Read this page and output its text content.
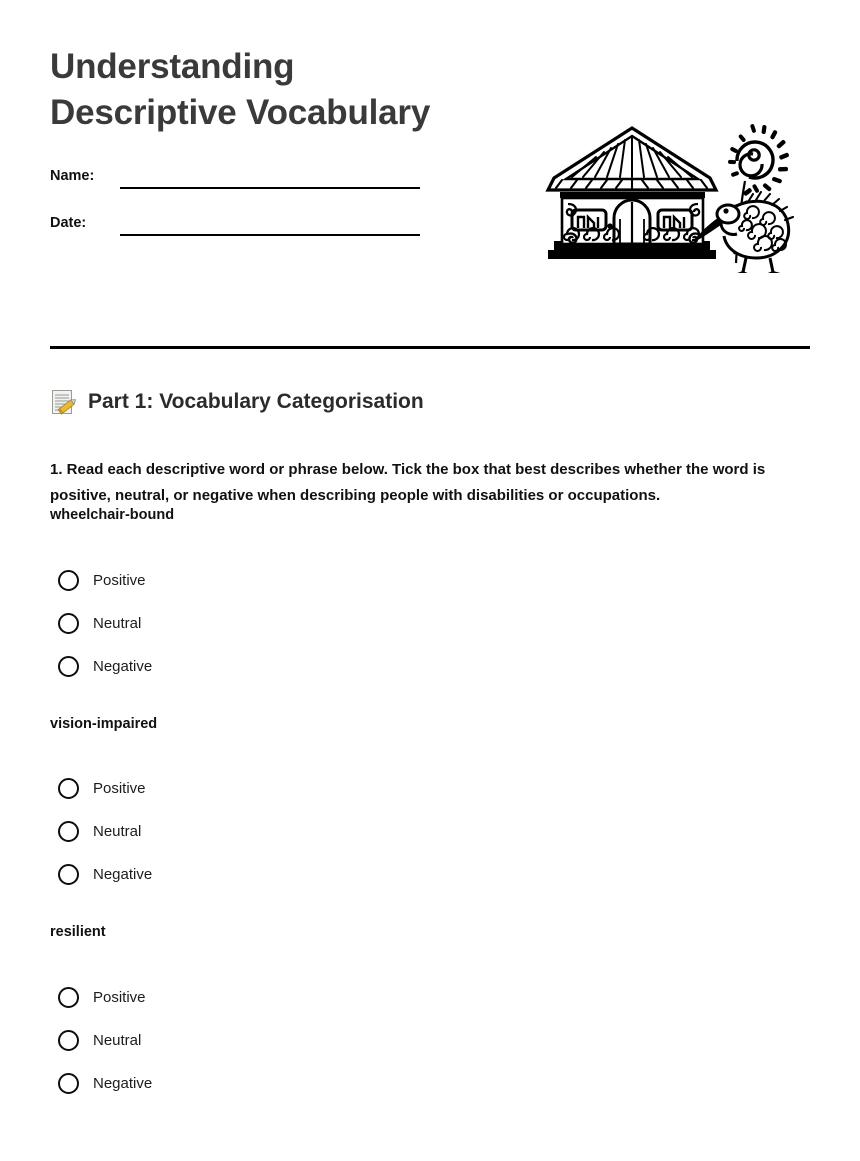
Understanding
Descriptive Vocabulary
Name:
Date:
Part 1: Vocabulary Categorisation

1. Read each descriptive word or phrase below. Tick the box that best describes whether the word is positive, neutral, or negative when describing people with disabilities or occupations.

wheelchair-bound
Positive
Neutral
Negative
vision-impaired
Positive
Neutral
Negative
resilient
Positive
Neutral
Negative
